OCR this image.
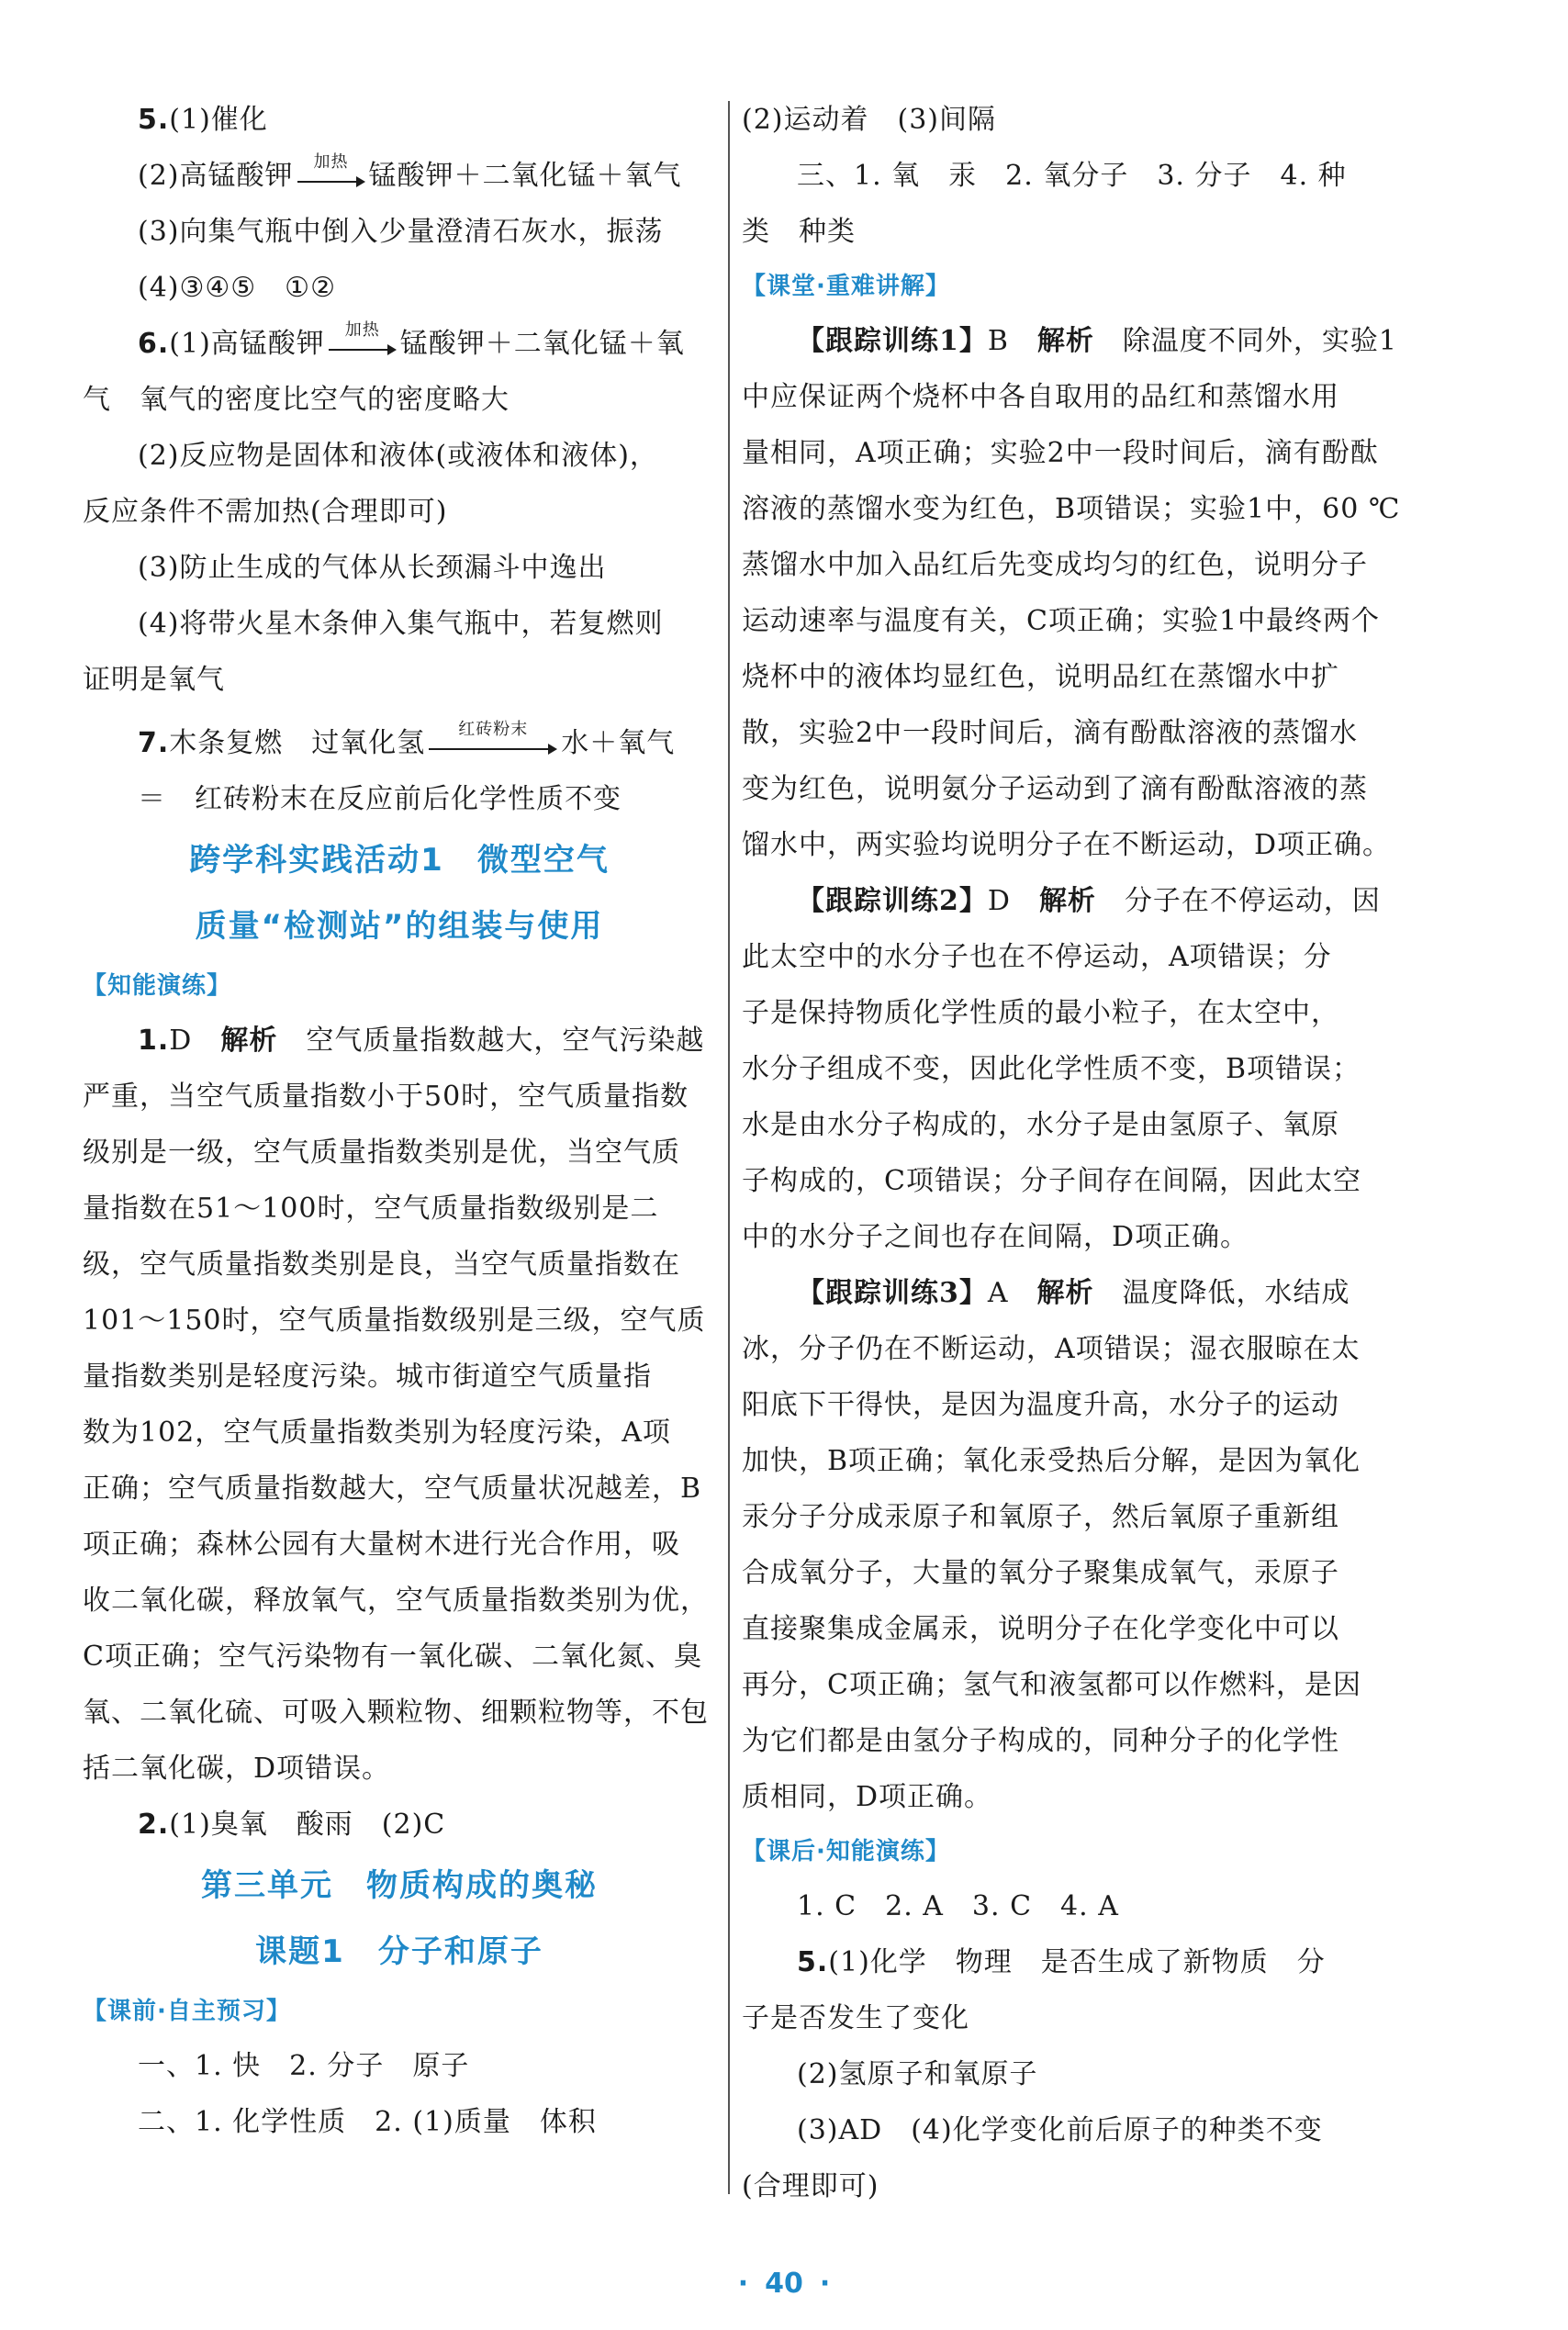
5.(1)催化

(2)高锰酸钾	加热 锰酸钾＋二氧化锰＋氧气

(3)向集气瓶中倒入少量澄清石灰水，振荡

(4)③④⑤　①②

6.(1)高锰酸钾	加热 锰酸钾＋二氧化锰＋氧

气　氧气的密度比空气的密度略大

(2)反应物是固体和液体(或液体和液体)，

反应条件不需加热(合理即可)

(3)防止生成的气体从长颈漏斗中逸出

(4)将带火星木条伸入集气瓶中，若复燃则

证明是氧气

7.木条复燃　过氧化氢	红砖粉末	水＋氧气

＝　红砖粉末在反应前后化学性质不变

跨学科实践活动1　微型空气

质量“检测站”的组装与使用

【知能演练】

1.D　 解析　 空气质量指数越大，空气污染越

严重，当空气质量指数小于50时，空气质量指数

级别是一级，空气质量指数类别是优，当空气质

量指数在51～100时，空气质量指数级别是二

级，空气质量指数类别是良，当空气质量指数在

101～150时，空气质量指数级别是三级，空气质

量指数类别是轻度污染。城市街道空气质量指

数为102，空气质量指数类别为轻度污染，A项

正确；空气质量指数越大，空气质量状况越差，B

项正确；森林公园有大量树木进行光合作用，吸

收二氧化碳，释放氧气，空气质量指数类别为优，

C项正确；空气污染物有一氧化碳、二氧化氮、臭

氧、二氧化硫、可吸入颗粒物、细颗粒物等，不包

括二氧化碳，D项错误。

2.(1)臭氧　酸雨　(2)C

第三单元　物质构成的奥秘

课题1　分子和原子

【课前·自主预习】

一、1. 快　2. 分子　原子

二、1. 化学性质　2. (1)质量　体积

(2)运动着　(3)间隔

三、1. 氧　汞　2. 氧分子　3. 分子　4. 种

类　种类

【课堂·重难讲解】

【跟踪训练1】B　 解析　 除温度不同外，实验1

中应保证两个烧杯中各自取用的品红和蒸馏水用

量相同，A项正确；实验2中一段时间后，滴有酚酞

溶液的蒸馏水变为红色，B项错误；实验1中，60 ℃

蒸馏水中加入品红后先变成均匀的红色，说明分子

运动速率与温度有关，C项正确；实验1中最终两个

烧杯中的液体均显红色，说明品红在蒸馏水中扩

散，实验2中一段时间后，滴有酚酞溶液的蒸馏水

变为红色，说明氨分子运动到了滴有酚酞溶液的蒸

馏水中，两实验均说明分子在不断运动，D项正确。

【跟踪训练2】D　 解析　 分子在不停运动，因

此太空中的水分子也在不停运动，A项错误；分

子是保持物质化学性质的最小粒子，在太空中，

水分子组成不变，因此化学性质不变，B项错误；

水是由水分子构成的，水分子是由氢原子、氧原

子构成的，C项错误；分子间存在间隔，因此太空

中的水分子之间也存在间隔，D项正确。

【跟踪训练3】A　 解析　 温度降低，水结成

冰，分子仍在不断运动，A项错误；湿衣服晾在太

阳底下干得快，是因为温度升高，水分子的运动

加快，B项正确；氧化汞受热后分解，是因为氧化

汞分子分成汞原子和氧原子，然后氧原子重新组

合成氧分子，大量的氧分子聚集成氧气，汞原子

直接聚集成金属汞，说明分子在化学变化中可以

再分，C项正确；氢气和液氢都可以作燃料，是因

为它们都是由氢分子构成的，同种分子的化学性

质相同，D项正确。

【课后·知能演练】

1. C　2. A　3. C　4. A

5.(1)化学　物理　是否生成了新物质　分

子是否发生了变化

(2)氢原子和氧原子

(3)AD　(4)化学变化前后原子的种类不变

(合理即可)

· 40 ·
